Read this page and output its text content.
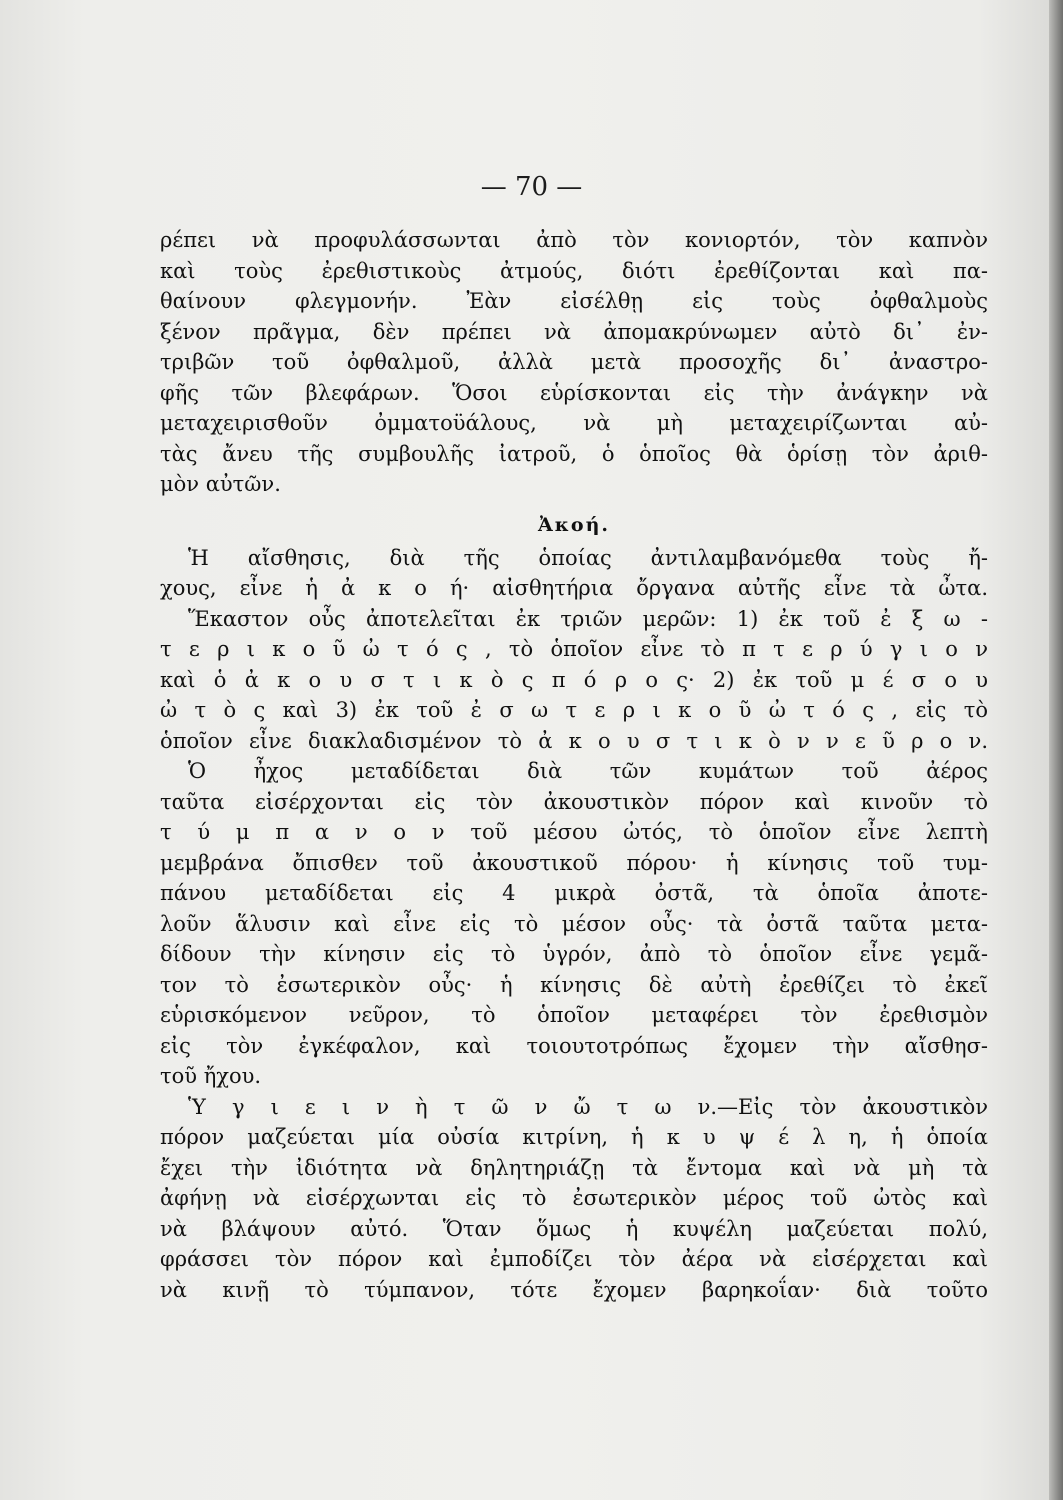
— 70 —
ρέπει νὰ προφυλάσσωνται ἀπὸ τὸν κονιορτόν, τὸν καπνὸν
καὶ τοὺς ἐρεθιστικοὺς ἀτμούς, διότι ἐρεθίζονται καὶ πα-
θαίνουν φλεγμονήν. Ἐὰν εἰσέλθῃ εἰς τοὺς ὀφθαλμοὺς
ξένον πρᾶγμα, δὲν πρέπει νὰ ἀπομακρύνωμεν αὐτὸ δι᾿ ἐν-
τριβῶν τοῦ ὀφθαλμοῦ, ἀλλὰ μετὰ προσοχῆς δι᾿ ἀναστρο-
φῆς τῶν βλεφάρων. Ὅσοι εὑρίσκονται εἰς τὴν ἀνάγκην νὰ
μεταχειρισθοῦν ὀμματοϋάλους, νὰ μὴ μεταχειρίζωνται αὐ-
τὰς ἄνευ τῆς συμβουλῆς ἰατροῦ, ὁ ὁποῖος θὰ ὁρίσῃ τὸν ἀριθ-
μὸν αὐτῶν.
Ἀκοή.
Ἡ αἴσθησις, διὰ τῆς ὁποίας ἀντιλαμβανόμεθα τοὺς ἤ-
χους, εἶνε ἡ ἀ κ ο ή· αἰσθητήρια ὄργανα αὐτῆς εἶνε τὰ ὦτα.
Ἕκαστον οὖς ἀποτελεῖται ἐκ τριῶν μερῶν: 1) ἐκ τοῦ ἐ ξ ω -
τ ε ρ ι κ ο ῦ ὠ τ ό ς , τὸ ὁποῖον εἶνε τὸ π τ ε ρ ύ γ ι ο ν
καὶ ὁ ἀ κ ο υ σ τ ι κ ὸ ς π ό ρ ο ς· 2) ἐκ τοῦ μ έ σ ο υ
ὠ τ ὸ ς καὶ 3) ἐκ τοῦ ἐ σ ω τ ε ρ ι κ ο ῦ ὠ τ ό ς , εἰς τὸ
ὁποῖον εἶνε διακλαδισμένον τὸ ἀ κ ο υ σ τ ι κ ὸ ν ν ε ῦ ρ ο ν.
Ὁ ἦχος μεταδίδεται διὰ τῶν κυμάτων τοῦ ἀέρος
ταῦτα εἰσέρχονται εἰς τὸν ἀκουστικὸν πόρον καὶ κινοῦν τὸ
τ ύ μ π α ν ο ν τοῦ μέσου ὠτός, τὸ ὁποῖον εἶνε λεπτὴ
μεμβράνα ὄπισθεν τοῦ ἀκουστικοῦ πόρου· ἡ κίνησις τοῦ τυμ-
πάνου μεταδίδεται εἰς 4 μικρὰ ὀστᾶ, τὰ ὁποῖα ἀποτε-
λοῦν ἅλυσιν καὶ εἶνε εἰς τὸ μέσον οὖς· τὰ ὀστᾶ ταῦτα μετα-
δίδουν τὴν κίνησιν εἰς τὸ ὑγρόν, ἀπὸ τὸ ὁποῖον εἶνε γεμᾶ-
τον τὸ ἐσωτερικὸν οὖς· ἡ κίνησις δὲ αὐτὴ ἐρεθίζει τὸ ἐκεῖ
εὑρισκόμενον νεῦρον, τὸ ὁποῖον μεταφέρει τὸν ἐρεθισμὸν
εἰς τὸν ἐγκέφαλον, καὶ τοιουτοτρόπως ἔχομεν τὴν αἴσθησ-
τοῦ ἤχου.
Ὑ γ ι ε ι ν ὴ τ ῶ ν ὤ τ ω ν.—Εἰς τὸν ἀκουστικὸν
πόρον μαζεύεται μία οὐσία κιτρίνη, ἡ κ υ ψ έ λ η, ἡ ὁποία
ἔχει τὴν ἰδιότητα νὰ δηλητηριάζῃ τὰ ἔντομα καὶ νὰ μὴ τὰ
ἀφήνῃ νὰ εἰσέρχωνται εἰς τὸ ἐσωτερικὸν μέρος τοῦ ὠτὸς καὶ
νὰ βλάψουν αὐτό. Ὅταν ὅμως ἡ κυψέλη μαζεύεται πολύ,
φράσσει τὸν πόρον καὶ ἐμποδίζει τὸν ἀέρα νὰ εἰσέρχεται καὶ
νὰ κινῇ τὸ τύμπανον, τότε ἔχομεν βαρηκοΐαν· διὰ τοῦτο
